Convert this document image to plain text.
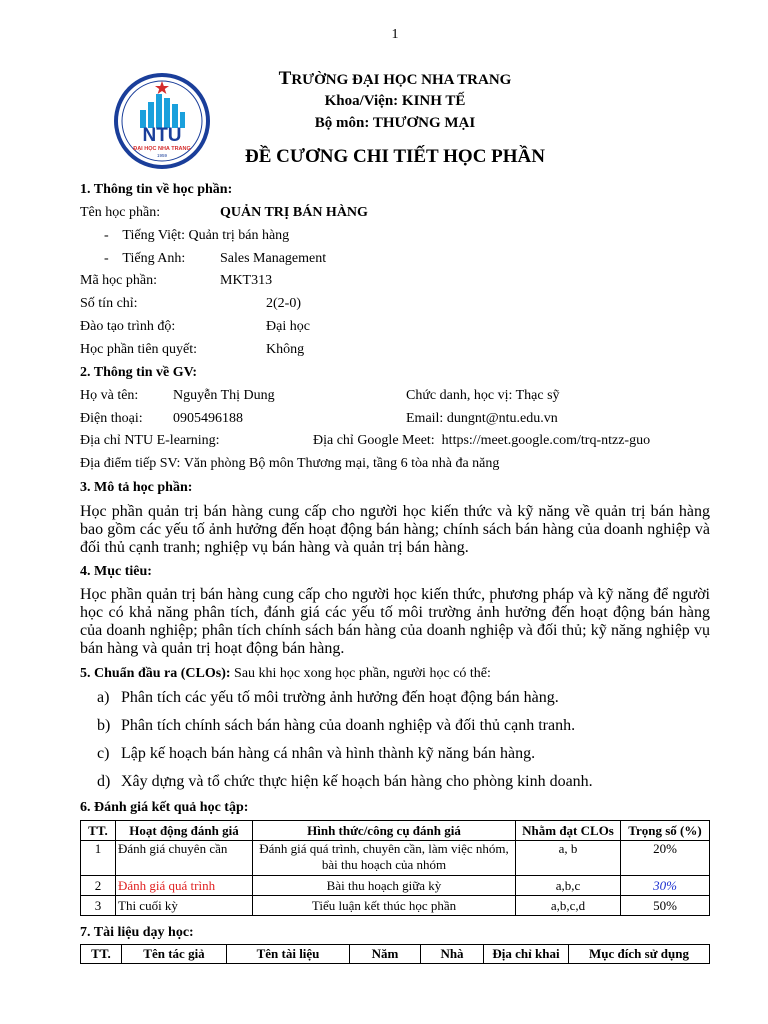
1
NTU
ĐẠI HỌC NHA TRANG
1959
TRƯỜNG ĐẠI HỌC NHA TRANG
Khoa/Viện: KINH TẾ
Bộ môn: THƯƠNG MẠI
ĐỀ CƯƠNG CHI TIẾT HỌC PHẦN
1. Thông tin về học phần:
Tên học phần:	QUẢN TRỊ BÁN HÀNG
-    Tiếng Việt: Quản trị bán hàng
-    Tiếng Anh: Sales Management
Mã học phần:	MKT313
Số tín chỉ:	2(2-0)
Đào tạo trình độ:	Đại học
Học phần tiên quyết:	Không
2. Thông tin về GV:
Họ và tên: Nguyễn Thị Dung	Chức danh, học vị: Thạc sỹ
Điện thoại: 0905496188	Email: dungnt@ntu.edu.vn
Địa chỉ NTU E-learning:	Địa chỉ Google Meet:  https://meet.google.com/trq-ntzz-guo
Địa điểm tiếp SV: Văn phòng Bộ môn Thương mại, tầng 6 tòa nhà đa năng
3. Mô tả học phần:
Học phần quản trị bán hàng cung cấp cho người học kiến thức và kỹ năng về quản trị bán hàng bao gồm các yếu tố ảnh hưởng đến hoạt động bán hàng; chính sách bán hàng của doanh nghiệp và đối thủ cạnh tranh; nghiệp vụ bán hàng và quản trị bán hàng.
4. Mục tiêu:
Học phần quản trị bán hàng cung cấp cho người học kiến thức, phương pháp và kỹ năng để người học có khả năng phân tích, đánh giá các yếu tố môi trường ảnh hưởng đến hoạt động bán hàng của doanh nghiệp; phân tích chính sách bán hàng của doanh nghiệp và đối thủ; kỹ năng nghiệp vụ bán hàng và quản trị hoạt động bán hàng.
5. Chuẩn đầu ra (CLOs): Sau khi học xong học phần, người học có thể:
a) Phân tích các yếu tố môi trường ảnh hưởng đến hoạt động bán hàng.
b) Phân tích chính sách bán hàng của doanh nghiệp và đối thủ cạnh tranh.
c) Lập kế hoạch bán hàng cá nhân và hình thành kỹ năng bán hàng.
d) Xây dựng và tổ chức thực hiện kế hoạch bán hàng cho phòng kinh doanh.
6. Đánh giá kết quả học tập:
TT.	Hoạt động đánh giá	Hình thức/công cụ đánh giá	Nhằm đạt CLOs	Trọng số (%)
1	Đánh giá chuyên cần	Đánh giá quá trình, chuyên cần, làm việc nhóm, bài thu hoạch của nhóm	a, b	20%
2	Đánh giá quá trình	Bài thu hoạch giữa kỳ	a,b,c	30%
3	Thi cuối kỳ	Tiểu luận kết thúc học phần	a,b,c,d	50%
7. Tài liệu dạy học:
TT.	Tên tác giả	Tên tài liệu	Năm	Nhà	Địa chỉ khai	Mục đích sử dụng
